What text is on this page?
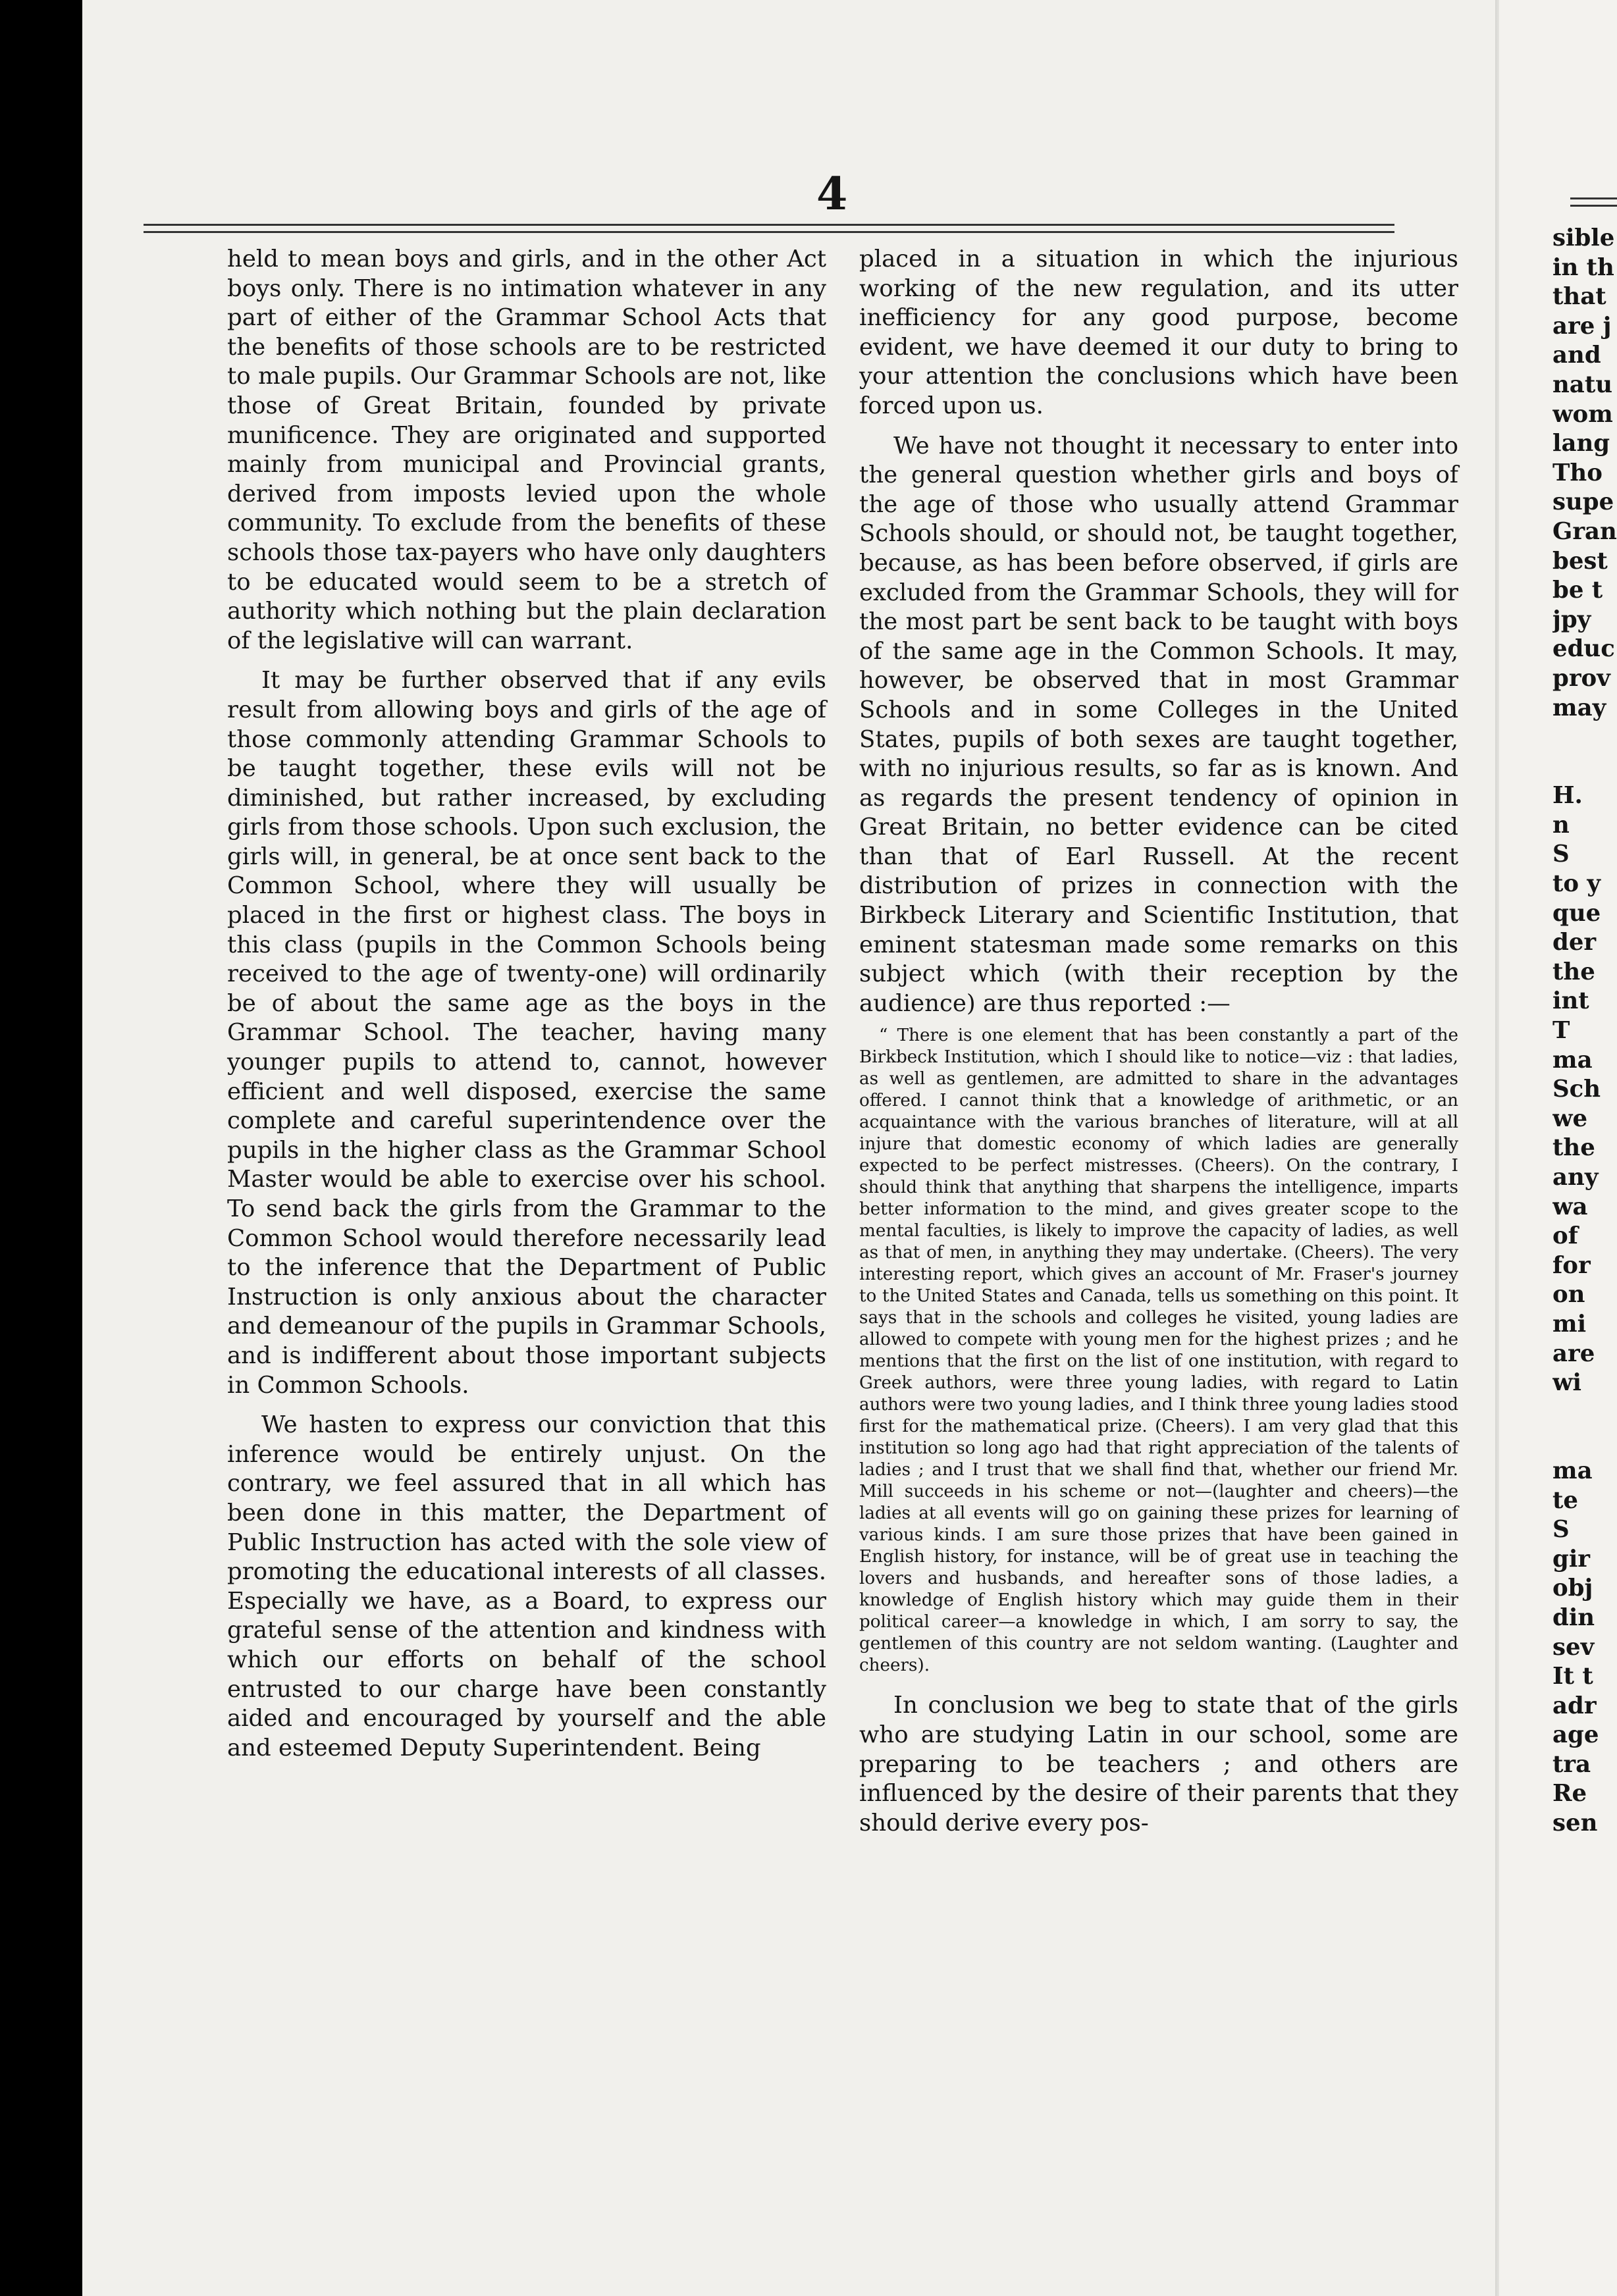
4

held to mean boys and girls, and in the other Act boys only. There is no intimation whatever in any part of either of the Grammar School Acts that the benefits of those schools are to be restricted to male pupils. Our Grammar Schools are not, like those of Great Britain, founded by private munificence. They are originated and supported mainly from municipal and Provincial grants, derived from imposts levied upon the whole community. To exclude from the benefits of these schools those tax-payers who have only daughters to be educated would seem to be a stretch of authority which nothing but the plain declaration of the legislative will can warrant.

It may be further observed that if any evils result from allowing boys and girls of the age of those commonly attending Grammar Schools to be taught together, these evils will not be diminished, but rather increased, by excluding girls from those schools. Upon such exclusion, the girls will, in general, be at once sent back to the Common School, where they will usually be placed in the first or highest class. The boys in this class (pupils in the Common Schools being received to the age of twenty-one) will ordinarily be of about the same age as the boys in the Grammar School. The teacher, having many younger pupils to attend to, cannot, however efficient and well disposed, exercise the same complete and careful superintendence over the pupils in the higher class as the Grammar School Master would be able to exercise over his school. To send back the girls from the Grammar to the Common School would therefore necessarily lead to the inference that the Department of Public Instruction is only anxious about the character and demeanour of the pupils in Grammar Schools, and is indifferent about those important subjects in Common Schools.

We hasten to express our conviction that this inference would be entirely unjust. On the contrary, we feel assured that in all which has been done in this matter, the Department of Public Instruction has acted with the sole view of promoting the educational interests of all classes. Especially we have, as a Board, to express our grateful sense of the attention and kindness with which our efforts on behalf of the school entrusted to our charge have been constantly aided and encouraged by yourself and the able and esteemed Deputy Superintendent. Being

placed in a situation in which the injurious working of the new regulation, and its utter inefficiency for any good purpose, become evident, we have deemed it our duty to bring to your attention the conclusions which have been forced upon us.

We have not thought it necessary to enter into the general question whether girls and boys of the age of those who usually attend Grammar Schools should, or should not, be taught together, because, as has been before observed, if girls are excluded from the Grammar Schools, they will for the most part be sent back to be taught with boys of the same age in the Common Schools. It may, however, be observed that in most Grammar Schools and in some Colleges in the United States, pupils of both sexes are taught together, with no injurious results, so far as is known. And as regards the present tendency of opinion in Great Britain, no better evidence can be cited than that of Earl Russell. At the recent distribution of prizes in connection with the Birkbeck Literary and Scientific Institution, that eminent statesman made some remarks on this subject which (with their reception by the audience) are thus reported :—

“ There is one element that has been constantly a part of the Birkbeck Institution, which I should like to notice—viz : that ladies, as well as gentlemen, are admitted to share in the advantages offered. I cannot think that a knowledge of arithmetic, or an acquaintance with the various branches of literature, will at all injure that domestic economy of which ladies are generally expected to be perfect mistresses. (Cheers). On the contrary, I should think that anything that sharpens the intelligence, imparts better information to the mind, and gives greater scope to the mental faculties, is likely to improve the capacity of ladies, as well as that of men, in anything they may undertake. (Cheers). The very interesting report, which gives an account of Mr. Fraser's journey to the United States and Canada, tells us something on this point. It says that in the schools and colleges he visited, young ladies are allowed to compete with young men for the highest prizes ; and he mentions that the first on the list of one institution, with regard to Greek authors, were three young ladies, with regard to Latin authors were two young ladies, and I think three young ladies stood first for the mathematical prize. (Cheers). I am very glad that this institution so long ago had that right appreciation of the talents of ladies ; and I trust that we shall find that, whether our friend Mr. Mill succeeds in his scheme or not—(laughter and cheers)—the ladies at all events will go on gaining these prizes for learning of various kinds. I am sure those prizes that have been gained in English history, for instance, will be of great use in teaching the lovers and husbands, and hereafter sons of those ladies, a knowledge of English history which may guide them in their political career—a knowledge in which, I am sorry to say, the gentlemen of this country are not seldom wanting. (Laughter and cheers).

In conclusion we beg to state that of the girls who are studying Latin in our school, some are preparing to be teachers ; and others are influenced by the desire of their parents that they should derive every pos-

sible

in th

that

are j

and

natu

wom

lang

Tho

supe

Gran

best

be t

jpy

educ

prov

may

H.

n

S

to y

que

der

the

int

T

ma

Sch

we

the

any

wa

of

for

on

mi

are

wi

ma

te

S

gir

obj

din

sev

It t

adr

age

tra

Re

sen
